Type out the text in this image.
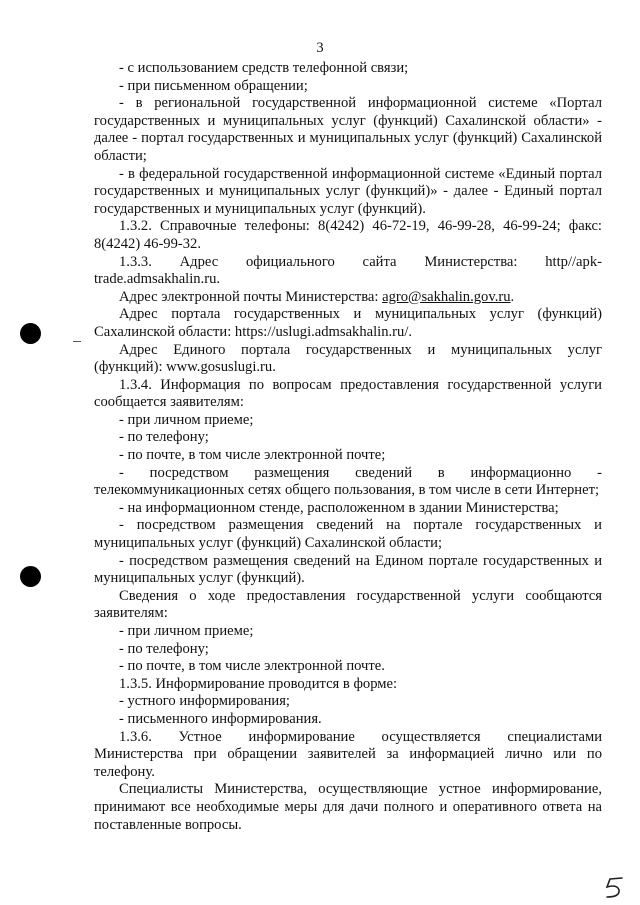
3

- с использованием средств телефонной связи;

- при письменном обращении;

- в региональной государственной информационной системе «Портал государственных и муниципальных услуг (функций) Сахалинской области» - далее - портал государственных и муниципальных услуг (функций) Сахалинской области;

- в федеральной государственной информационной системе «Единый портал государственных и муниципальных услуг (функций)» - далее - Единый портал государственных и муниципальных услуг (функций).

1.3.2. Справочные телефоны: 8(4242) 46-72-19, 46-99-28, 46-99-24; факс: 8(4242) 46-99-32.

1.3.3. Адрес официального сайта Министерства: http//apk-trade.admsakhalin.ru.

Адрес электронной почты Министерства: agro@sakhalin.gov.ru.

Адрес портала государственных и муниципальных услуг (функций) Сахалинской области: https://uslugi.admsakhalin.ru/.

Адрес Единого портала государственных и муниципальных услуг (функций): www.gosuslugi.ru.

1.3.4. Информация по вопросам предоставления государственной услуги сообщается заявителям:

- при личном приеме;

- по телефону;

- по почте, в том числе электронной почте;

- посредством размещения сведений в информационно - телекоммуникационных сетях общего пользования, в том числе в сети Интернет;

- на информационном стенде, расположенном в здании Министерства;

- посредством размещения сведений на портале государственных и муниципальных услуг (функций) Сахалинской области;

- посредством размещения сведений на Едином портале государственных и муниципальных услуг (функций).

Сведения о ходе предоставления государственной услуги сообщаются заявителям:

- при личном приеме;

- по телефону;

- по почте, в том числе электронной почте.

1.3.5. Информирование проводится в форме:

- устного информирования;

- письменного информирования.

1.3.6. Устное информирование осуществляется специалистами Министерства при обращении заявителей за информацией лично или по телефону.

Специалисты Министерства, осуществляющие устное информирование, принимают все необходимые меры для дачи полного и оперативного ответа на поставленные вопросы.
